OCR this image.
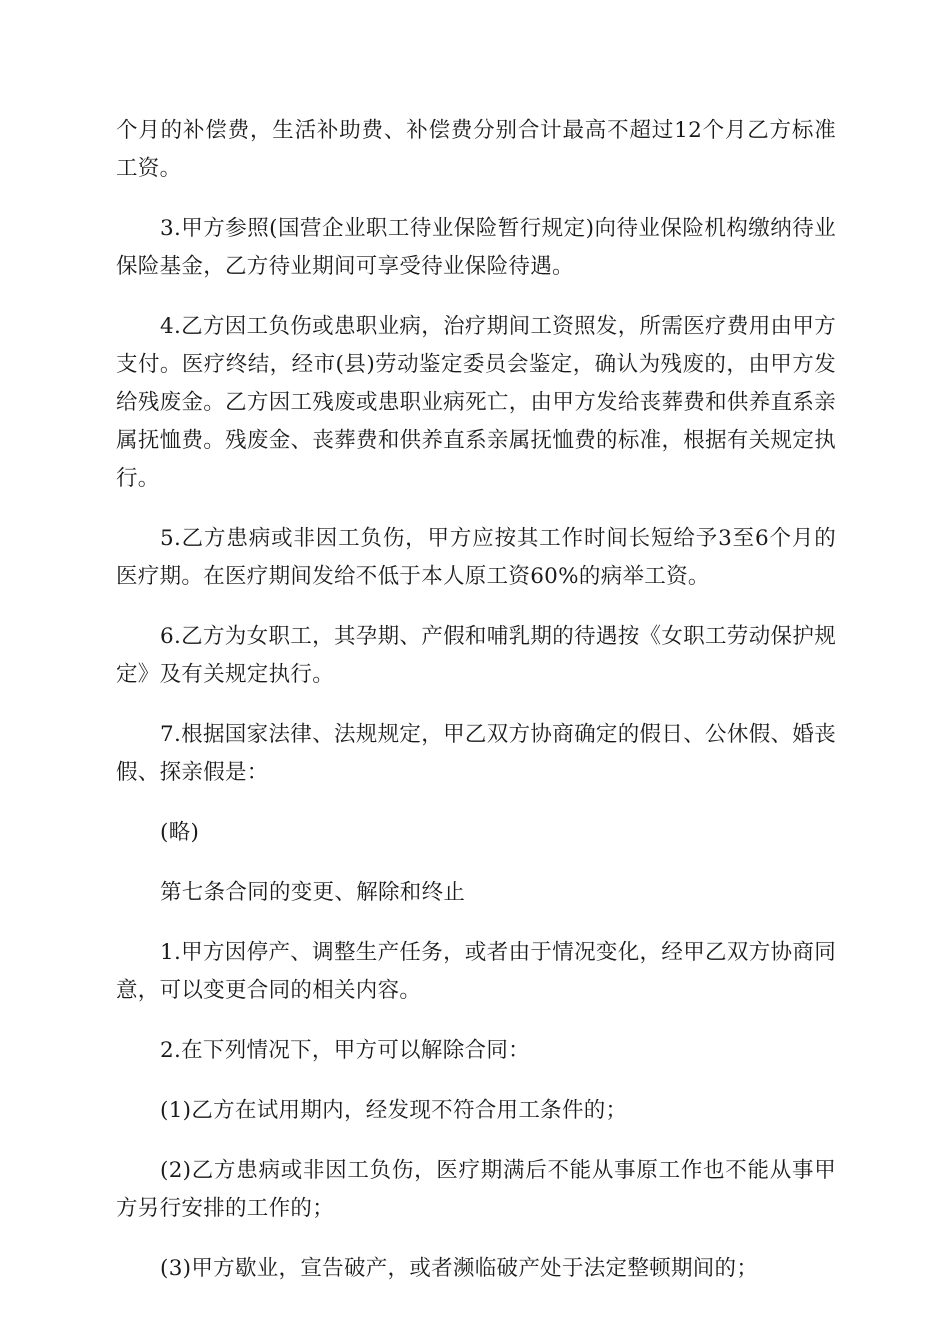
个月的补偿费，生活补助费、补偿费分别合计最高不超过12个月乙方标准工资。

3.甲方参照(国营企业职工待业保险暂行规定)向待业保险机构缴纳待业保险基金，乙方待业期间可享受待业保险待遇。

4.乙方因工负伤或患职业病，治疗期间工资照发，所需医疗费用由甲方支付。医疗终结，经市(县)劳动鉴定委员会鉴定，确认为残废的，由甲方发给残废金。乙方因工残废或患职业病死亡，由甲方发给丧葬费和供养直系亲属抚恤费。残废金、丧葬费和供养直系亲属抚恤费的标准，根据有关规定执行。

5.乙方患病或非因工负伤，甲方应按其工作时间长短给予3至6个月的医疗期。在医疗期间发给不低于本人原工资60%的病举工资。

6.乙方为女职工，其孕期、产假和哺乳期的待遇按《女职工劳动保护规定》及有关规定执行。

7.根据国家法律、法规规定，甲乙双方协商确定的假日、公休假、婚丧假、探亲假是：

(略)

第七条合同的变更、解除和终止

1.甲方因停产、调整生产任务，或者由于情况变化，经甲乙双方协商同意，可以变更合同的相关内容。

2.在下列情况下，甲方可以解除合同：

(1)乙方在试用期内，经发现不符合用工条件的；

(2)乙方患病或非因工负伤，医疗期满后不能从事原工作也不能从事甲方另行安排的工作的；

(3)甲方歇业，宣告破产，或者濒临破产处于法定整顿期间的；
